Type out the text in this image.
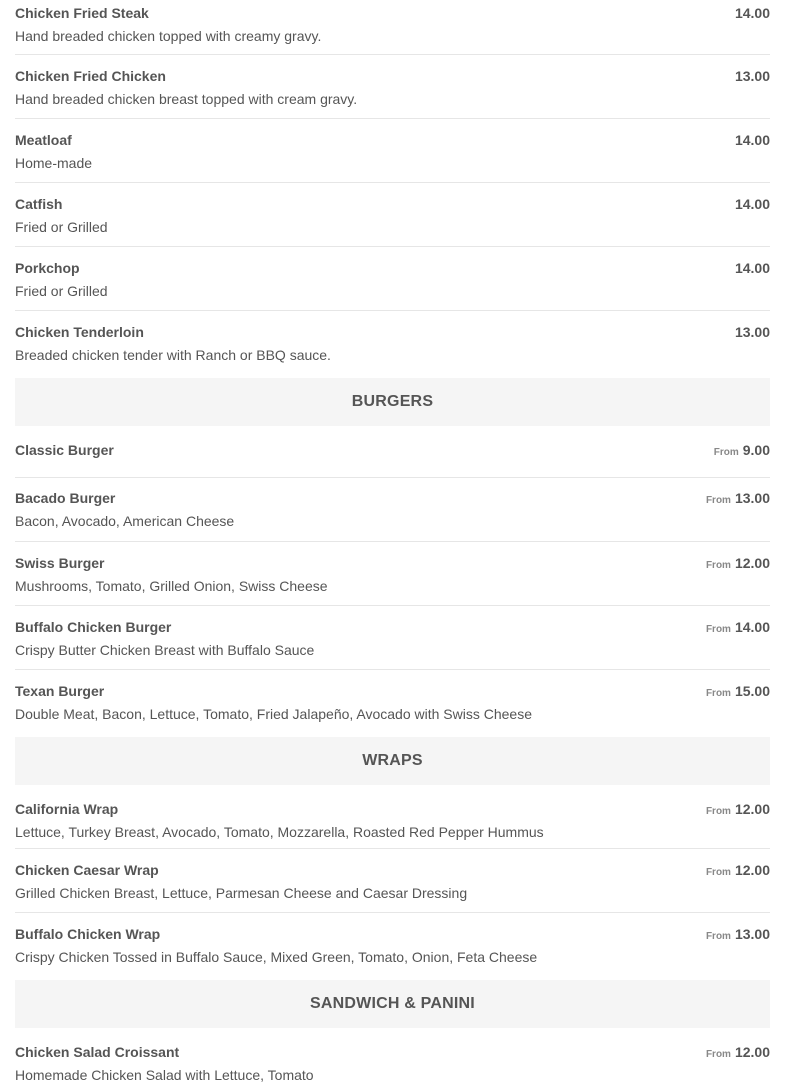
Chicken Fried Steak	14.00
Hand breaded chicken topped with creamy gravy.
Chicken Fried Chicken	13.00
Hand breaded chicken breast topped with cream gravy.
Meatloaf	14.00
Home-made
Catfish	14.00
Fried or Grilled
Porkchop	14.00
Fried or Grilled
Chicken Tenderloin	13.00
Breaded chicken tender with Ranch or BBQ sauce.
BURGERS
Classic Burger	From 9.00
Bacado Burger	From 13.00
Bacon, Avocado, American Cheese
Swiss Burger	From 12.00
Mushrooms, Tomato, Grilled Onion, Swiss Cheese
Buffalo Chicken Burger	From 14.00
Crispy Butter Chicken Breast with Buffalo Sauce
Texan Burger	From 15.00
Double Meat, Bacon, Lettuce, Tomato, Fried Jalapeño, Avocado with Swiss Cheese
WRAPS
California Wrap	From 12.00
Lettuce, Turkey Breast, Avocado, Tomato, Mozzarella, Roasted Red Pepper Hummus
Chicken Caesar Wrap	From 12.00
Grilled Chicken Breast, Lettuce, Parmesan Cheese and Caesar Dressing
Buffalo Chicken Wrap	From 13.00
Crispy Chicken Tossed in Buffalo Sauce, Mixed Green, Tomato, Onion, Feta Cheese
SANDWICH & PANINI
Chicken Salad Croissant	From 12.00
Homemade Chicken Salad with Lettuce, Tomato
